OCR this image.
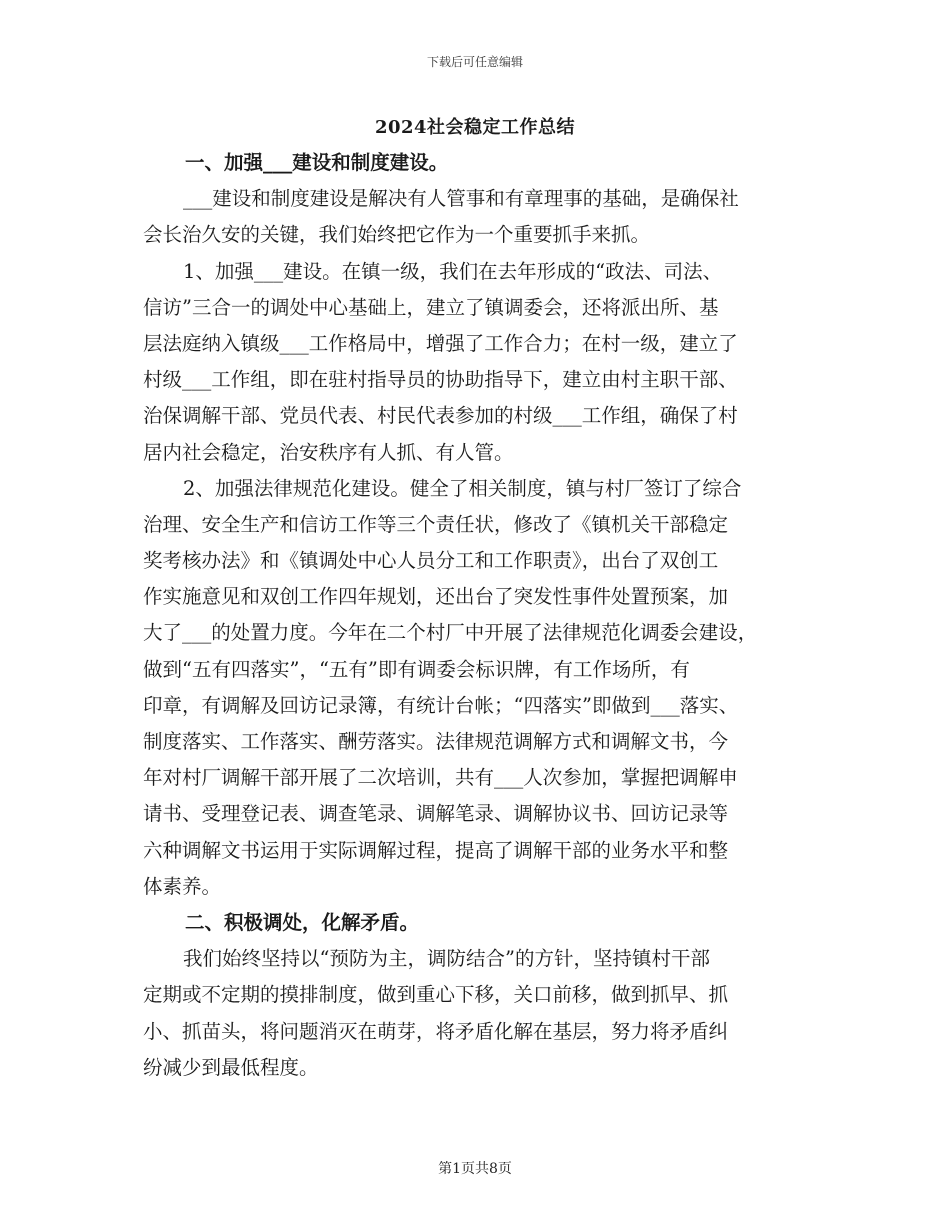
下载后可任意编辑
2024社会稳定工作总结
一、加强___建设和制度建设。
___建设和制度建设是解决有人管事和有章理事的基础，是确保社
会长治久安的关键，我们始终把它作为一个重要抓手来抓。
1、加强___建设。在镇一级，我们在去年形成的“政法、司法、
信访”三合一的调处中心基础上，建立了镇调委会，还将派出所、基
层法庭纳入镇级___工作格局中，增强了工作合力；在村一级，建立了
村级___工作组，即在驻村指导员的协助指导下，建立由村主职干部、
治保调解干部、党员代表、村民代表参加的村级___工作组，确保了村
居内社会稳定，治安秩序有人抓、有人管。
2、加强法律规范化建设。健全了相关制度，镇与村厂签订了综合
治理、安全生产和信访工作等三个责任状，修改了《镇机关干部稳定
奖考核办法》和《镇调处中心人员分工和工作职责》，出台了双创工
作实施意见和双创工作四年规划，还出台了突发性事件处置预案，加
大了___的处置力度。今年在二个村厂中开展了法律规范化调委会建设，
做到“五有四落实”，“五有”即有调委会标识牌，有工作场所，有
印章，有调解及回访记录簿，有统计台帐；“四落实”即做到___落实、
制度落实、工作落实、酬劳落实。法律规范调解方式和调解文书，今
年对村厂调解干部开展了二次培训，共有___人次参加，掌握把调解申
请书、受理登记表、调查笔录、调解笔录、调解协议书、回访记录等
六种调解文书运用于实际调解过程，提高了调解干部的业务水平和整
体素养。
二、积极调处，化解矛盾。
我们始终坚持以“预防为主，调防结合”的方针，坚持镇村干部
定期或不定期的摸排制度，做到重心下移，关口前移，做到抓早、抓
小、抓苗头，将问题消灭在萌芽，将矛盾化解在基层，努力将矛盾纠
纷减少到最低程度。
第1页共8页
